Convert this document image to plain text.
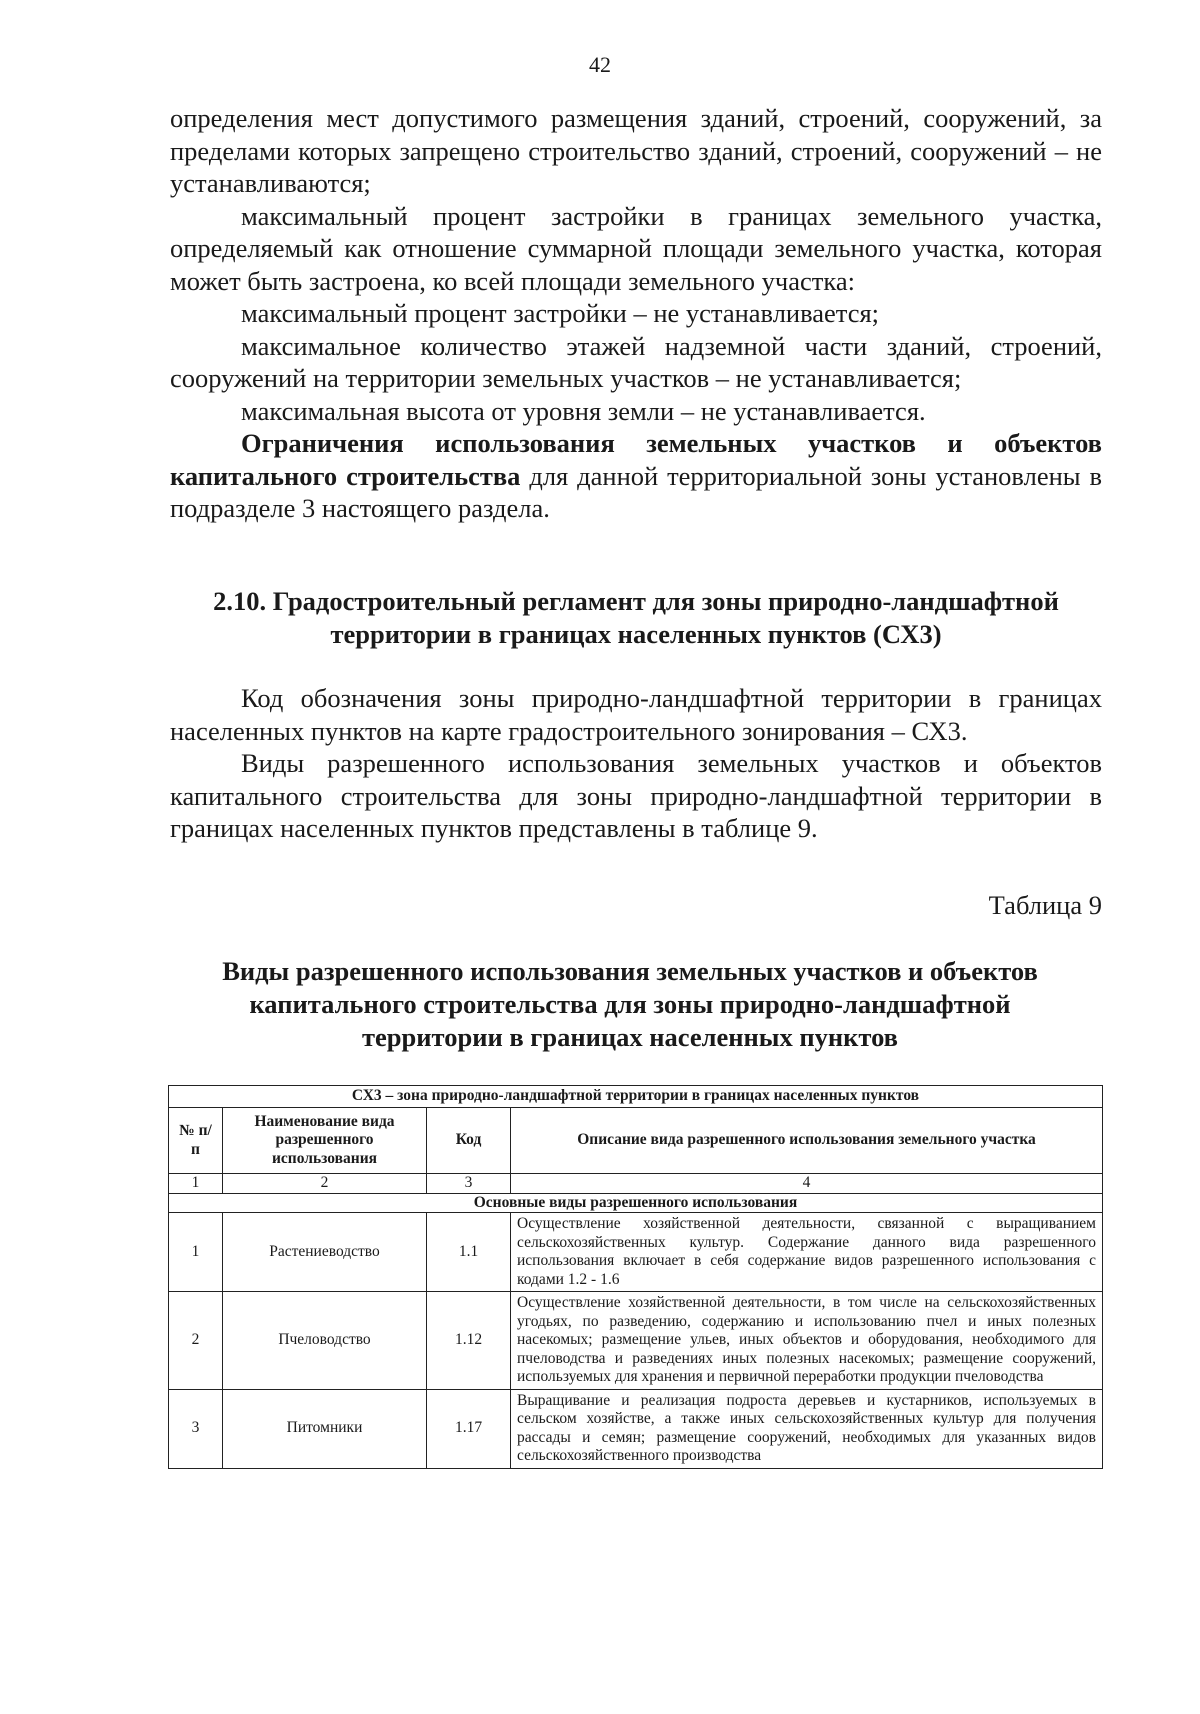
42

определения мест допустимого размещения зданий, строений, сооружений, за пределами которых запрещено строительство зданий, строений, сооружений – не устанавливаются;

максимальный процент застройки в границах земельного участка, определяемый как отношение суммарной площади земельного участка, которая может быть застроена, ко всей площади земельного участка:

максимальный процент застройки – не устанавливается;

максимальное количество этажей надземной части зданий, строений, сооружений на территории земельных участков – не устанавливается;

максимальная высота от уровня земли – не устанавливается.

Ограничения использования земельных участков и объектов капитального строительства для данной территориальной зоны установлены в подразделе 3 настоящего раздела.

2.10. Градостроительный регламент для зоны природно-ландшафтной
территории в границах населенных пунктов (СХ3)

Код обозначения зоны природно-ландшафтной территории в границах населенных пунктов на карте градостроительного зонирования – СХ3.

Виды разрешенного использования земельных участков и объектов капитального строительства для зоны природно-ландшафтной территории в границах населенных пунктов представлены в таблице 9.

Таблица 9
Виды разрешенного использования земельных участков и объектов
капитального строительства для зоны природно-ландшафтной
территории в границах населенных пунктов
СХ3 – зона природно-ландшафтной территории в границах населенных пунктов			
№ п/п	Наименование вида разрешенного использования	Код	Описание вида разрешенного использования земельного участка
1	2	3	4
Основные виды разрешенного использования			
1	Растениеводство	1.1	Осуществление хозяйственной деятельности, связанной с выращиванием сельскохозяйственных культур. Содержание данного вида разрешенного использования включает в себя содержание видов разрешенного использования с кодами 1.2 - 1.6
2	Пчеловодство	1.12	Осуществление хозяйственной деятельности, в том числе на сельскохозяйственных угодьях, по разведению, содержанию и использованию пчел и иных полезных насекомых; размещение ульев, иных объектов и оборудования, необходимого для пчеловодства и разведениях иных полезных насекомых; размещение сооружений, используемых для хранения и первичной переработки продукции пчеловодства
3	Питомники	1.17	Выращивание и реализация подроста деревьев и кустарников, используемых в сельском хозяйстве, а также иных сельскохозяйственных культур для получения рассады и семян; размещение сооружений, необходимых для указанных видов сельскохозяйственного производства
